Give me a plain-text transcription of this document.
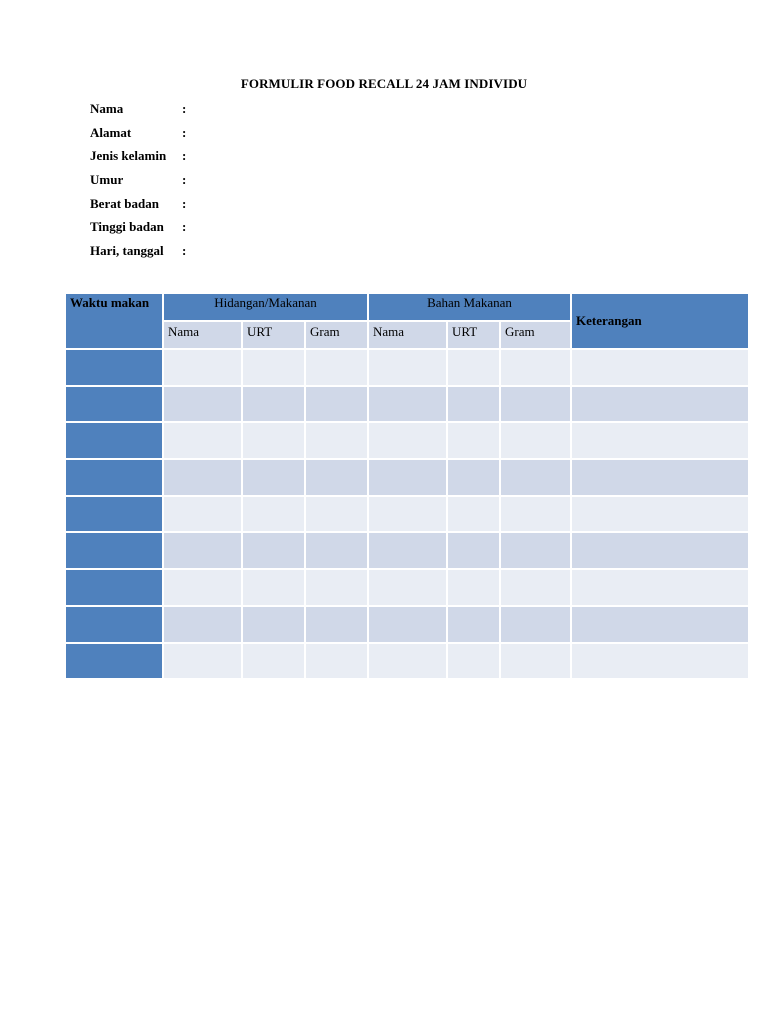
FORMULIR FOOD RECALL 24 JAM INDIVIDU
Nama	:
Alamat	:
Jenis kelamin	:
Umur	:
Berat badan	:
Tinggi badan	:
Hari, tanggal	:
Waktu makan	Hidangan/Makanan			Bahan Makanan			Keterangan
	Nama	URT	Gram	Nama	URT	Gram	
